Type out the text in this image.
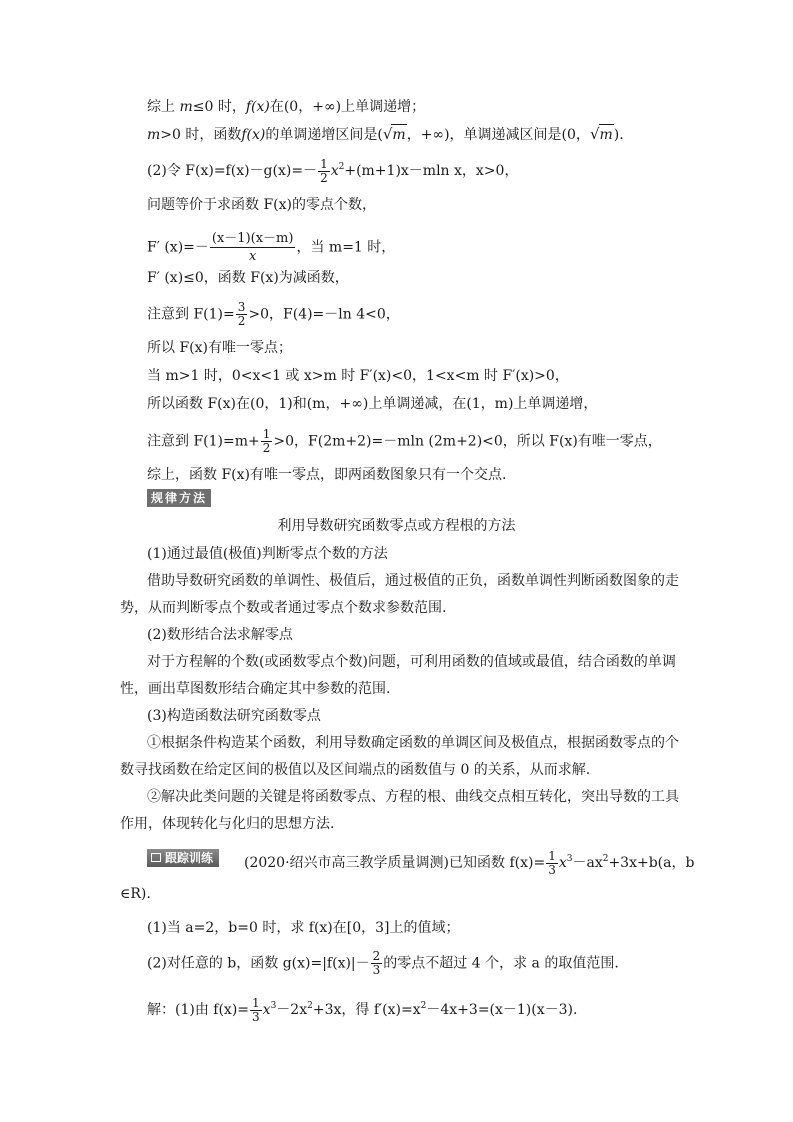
综上 m≤0 时，f(x)在(0，+∞)上单调递增；
m>0 时，函数f(x)的单调递增区间是(√m，+∞)，单调递减区间是(0，√m).
(2)令 $F(x)=f(x)-g(x)=- \frac{1}{2} x^2+(m+1)x-mln$ x，x>0，
问题等价于求函数 F(x)的零点个数，
F′ $(x)=- \frac{(x-1)(x-m)}{x}$ ，当 m=1 时，
F′ (x)≤0，函数 F(x)为减函数，
注意到 $F(1)= \frac{3}{2} >0$，F(4)=－ln 4<0，
所以 F(x)有唯一零点；
当 m>1 时，0<x<1 或 x>m 时 F′(x)<0，1<x<m 时 F′(x)>0，
所以函数 F(x)在(0，1)和(m，+∞)上单调递减，在(1，m)上单调递增，
注意到 $F(1)=m+ \frac{1}{2} >0$，F(2m+2)=－mln (2m+2)<0，所以 F(x)有唯一零点，
综上，函数 F(x)有唯一零点，即两函数图象只有一个交点.
规律方法
利用导数研究函数零点或方程根的方法
(1)通过最值(极值)判断零点个数的方法
借助导数研究函数的单调性、极值后，通过极值的正负，函数单调性判断函数图象的走
势，从而判断零点个数或者通过零点个数求参数范围.
(2)数形结合法求解零点
对于方程解的个数(或函数零点个数)问题，可利用函数的值域或最值，结合函数的单调
性，画出草图数形结合确定其中参数的范围.
(3)构造函数法研究函数零点
①根据条件构造某个函数，利用导数确定函数的单调区间及极值点，根据函数零点的个
数寻找函数在给定区间的极值以及区间端点的函数值与 0 的关系，从而求解.
②解决此类问题的关键是将函数零点、方程的根、曲线交点相互转化，突出导数的工具
作用，体现转化与化归的思想方法.
跟踪训练	(2020·绍兴市高三教学质量调测)已知函数 $f(x)= \frac{1}{3} x^3-ax^2+3x+b(a$，b
∈R).
(1)当 a=2，b=0 时，求 f(x)在[0，3]上的值域；
(2)对任意的 b，函数 $g(x)=|f(x)|- \frac{2}{3}$ 的零点不超过 4 个，求 a 的取值范围.
解：(1)由 $f(x)= \frac{1}{3} x^3-2x^2+3x$，得 $f'(x)=x^2-4x+3=(x-1)(x-3)$.
